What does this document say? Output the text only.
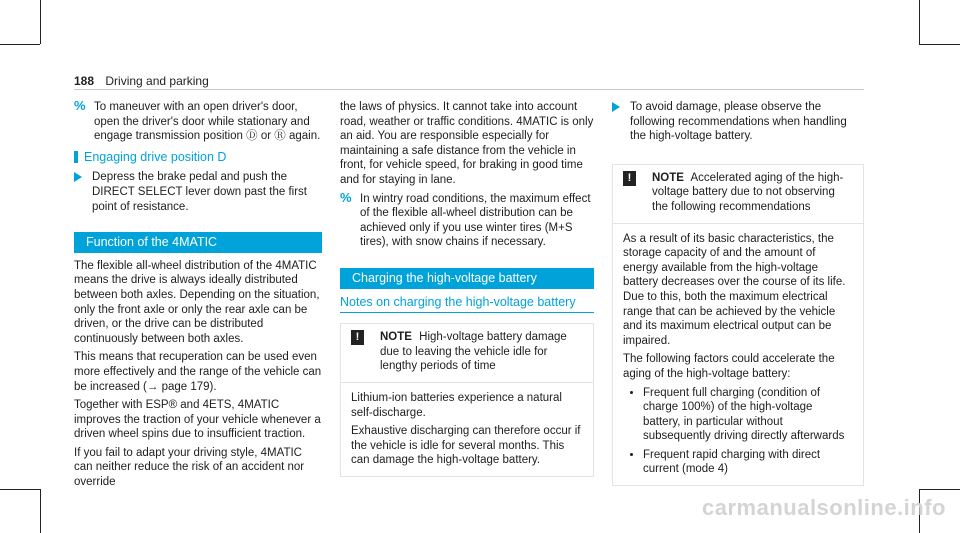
188 Driving and parking
% To maneuver with an open driver's door, open the driver's door while stationary and engage transmission position Ⓓ or Ⓡ again.
Engaging drive position D
Depress the brake pedal and push the DIRECT SELECT lever down past the first point of resistance.
Function of the 4MATIC

The flexible all-wheel distribution of the 4MATIC means the drive is always ideally distributed between both axles. Depending on the situation, only the front axle or only the rear axle can be driven, or the drive can be distributed continuously between both axles.

This means that recuperation can be used even more effectively and the range of the vehicle can be increased (→ page 179).

Together with ESP® and 4ETS, 4MATIC improves the traction of your vehicle whenever a driven wheel spins due to insufficient traction.

If you fail to adapt your driving style, 4MATIC can neither reduce the risk of an accident nor override

the laws of physics. It cannot take into account road, weather or traffic conditions. 4MATIC is only an aid. You are responsible especially for maintaining a safe distance from the vehicle in front, for vehicle speed, for braking in good time and for staying in lane.

% In wintry road conditions, the maximum effect of the flexible all-wheel distribution can be achieved only if you use winter tires (M+S tires), with snow chains if necessary.
Charging the high-voltage battery
Notes on charging the high-voltage battery
!	NOTE High-voltage battery damage due to leaving the vehicle idle for lengthy periods of time

Lithium-ion batteries experience a natural self-discharge.

Exhaustive discharging can therefore occur if the vehicle is idle for several months. This can damage the high-voltage battery.

To avoid damage, please observe the following recommendations when handling the high-voltage battery.
!	NOTE Accelerated aging of the high-voltage battery due to not observing the following recommendations

As a result of its basic characteristics, the storage capacity of and the amount of energy available from the high-voltage battery decreases over the course of its life. Due to this, both the maximum electrical range that can be achieved by the vehicle and its maximum electrical output can be impaired.

The following factors could accelerate the aging of the high-voltage battery:

• Frequent full charging (condition of charge 100%) of the high-voltage battery, in particular without subsequently driving directly afterwards
• Frequent rapid charging with direct current (mode 4)
carmanualsonline.info
